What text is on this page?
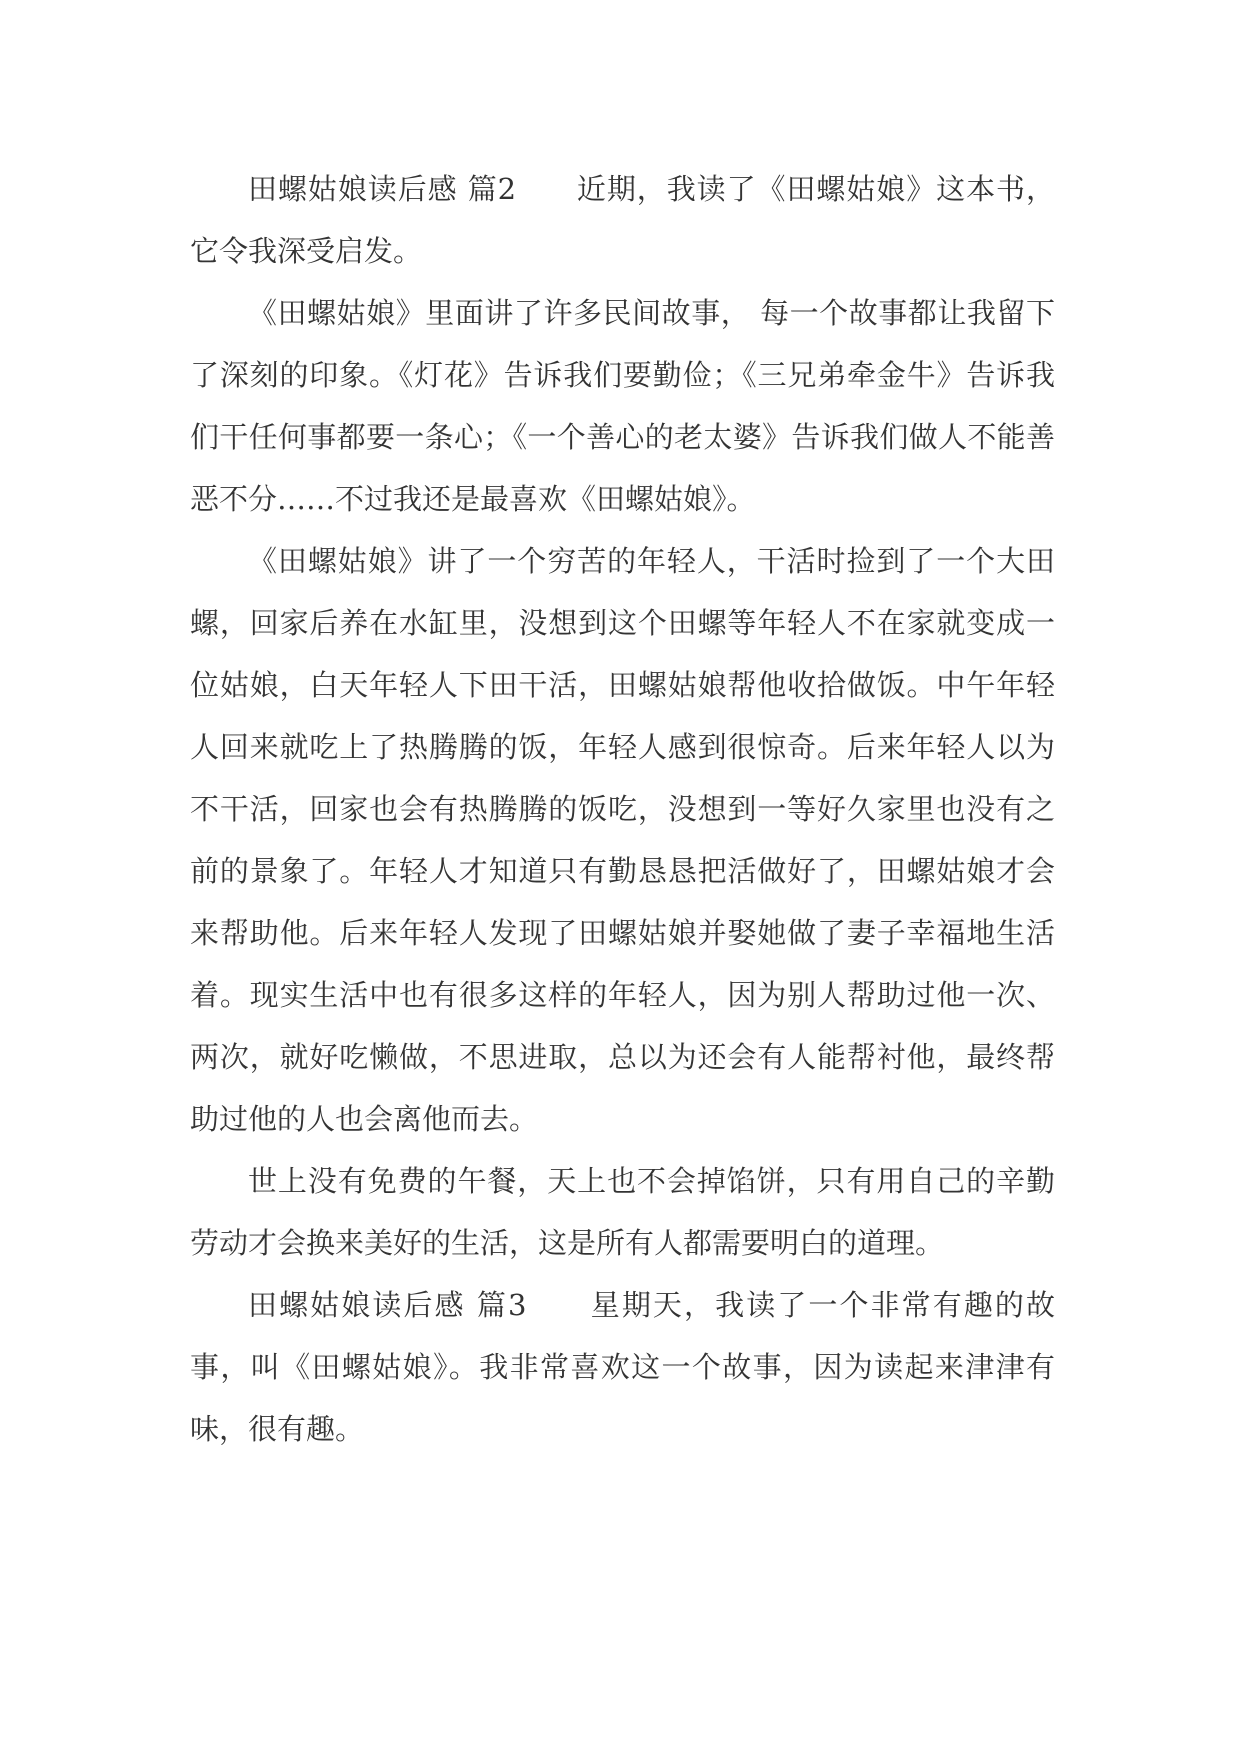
田螺姑娘读后感 篇2　　近期，我读了《田螺姑娘》这本书，它令我深受启发。

《田螺姑娘》里面讲了许多民间故事， 每一个故事都让我留下了深刻的印象。《灯花》告诉我们要勤俭；《三兄弟牵金牛》告诉我们干任何事都要一条心；《一个善心的老太婆》告诉我们做人不能善恶不分……不过我还是最喜欢《田螺姑娘》。

《田螺姑娘》讲了一个穷苦的年轻人，干活时捡到了一个大田螺，回家后养在水缸里，没想到这个田螺等年轻人不在家就变成一位姑娘，白天年轻人下田干活，田螺姑娘帮他收拾做饭。中午年轻人回来就吃上了热腾腾的饭，年轻人感到很惊奇。后来年轻人以为不干活，回家也会有热腾腾的饭吃，没想到一等好久家里也没有之前的景象了。年轻人才知道只有勤恳恳把活做好了，田螺姑娘才会来帮助他。后来年轻人发现了田螺姑娘并娶她做了妻子幸福地生活着。现实生活中也有很多这样的年轻人，因为别人帮助过他一次、两次，就好吃懒做，不思进取，总以为还会有人能帮衬他，最终帮助过他的人也会离他而去。

世上没有免费的午餐，天上也不会掉馅饼，只有用自己的辛勤劳动才会换来美好的生活，这是所有人都需要明白的道理。

田螺姑娘读后感 篇3　　星期天，我读了一个非常有趣的故事，叫《田螺姑娘》。我非常喜欢这一个故事，因为读起来津津有味，很有趣。
